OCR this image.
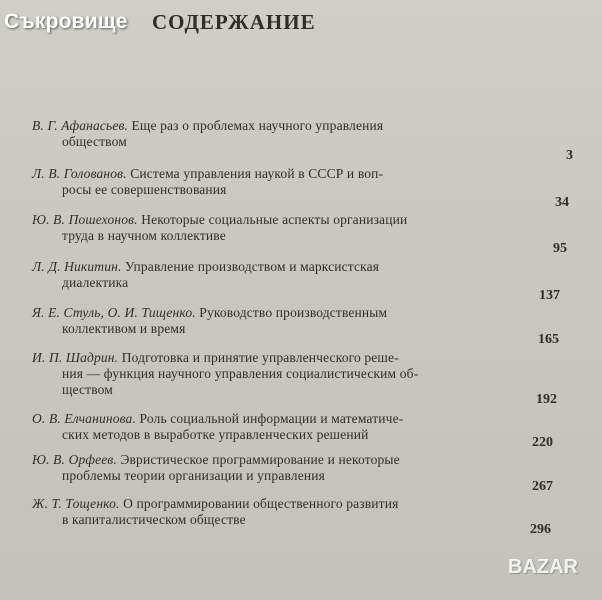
Съкровище СОДЕРЖАНИЕ
В. Г. Афанасьев. Еще раз о проблемах научного управления
обществом
3
Л. В. Голованов. Система управления наукой в СССР и воп-
росы ее совершенствования
34
Ю. В. Пошехонов. Некоторые социальные аспекты организации
труда в научном коллективе
95
Л. Д. Никитин. Управление производством и марксистская
диалектика
137
Я. Е. Стуль, О. И. Тищенко. Руководство производственным
коллективом и время
165
И. П. Шадрин. Подготовка и принятие управленческого реше-
ния — функция научного управления социалистическим об-
ществом
192
О. В. Елчанинова. Роль социальной информации и математиче-
ских методов в выработке управленческих решений
220
Ю. В. Орфеев. Эвристическое программирование и некоторые
проблемы теории организации и управления
267
Ж. Т. Тощенко. О программировании общественного развития
в капиталистическом обществе
296
BAZAR
